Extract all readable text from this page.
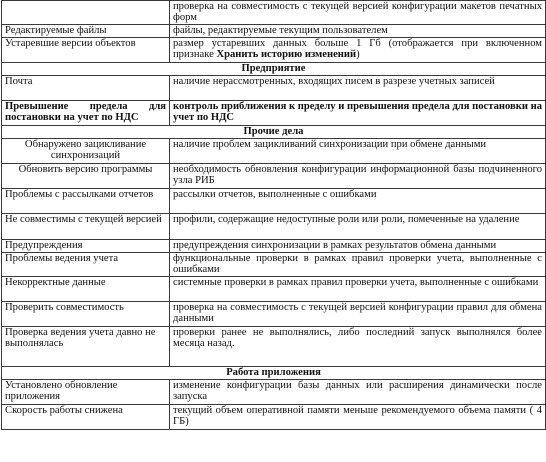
	проверка на совместимость с текущей версией конфигурации макетов печатных форм
Редактируемые файлы	файлы, редактируемые текущим пользователем
Устаревшие версии объектов	размер устаревших данных больше 1 Гб (отображается при включенном признаке Хранить историю изменений)
Предприятие	
Почта	наличие нерассмотренных, входящих писем в разрезе учетных записей
Превышение предела для постановки на учет по НДС	контроль приближения к пределу и превышения предела для постановки на учет по НДС
Прочие дела	
Обнаружено зацикливание синхронизаций	наличие проблем зацикливаний синхронизации при обмене данными
Обновить версию программы	необходимость обновления конфигурации информационной базы подчиненного узла РИБ
Проблемы с рассылками отчетов	рассылки отчетов, выполненные с ошибками
Не совместимы с текущей версией	профили, содержащие недоступные роли или роли, помеченные на удаление
Предупреждения	предупреждения синхронизации в рамках результатов обмена данными
Проблемы ведения учета	функциональные проверки в рамках правил проверки учета, выполненные с ошибками
Некорректные данные	системные проверки в рамках правил проверки учета, выполненные с ошибками
Проверить совместимость	проверка на совместимость с текущей версией конфигурации правил для обмена данными
Проверка ведения учета давно не выполнялась	проверки ранее не выполнялись, либо последний запуск выполнялся более месяца назад.
Работа приложения	
Установлено обновление приложения	изменение конфигурации базы данных или расширения динамически после запуска
Скорость работы снижена	текущий объем оперативной памяти меньше рекомендуемого объема памяти ( 4 ГБ)
